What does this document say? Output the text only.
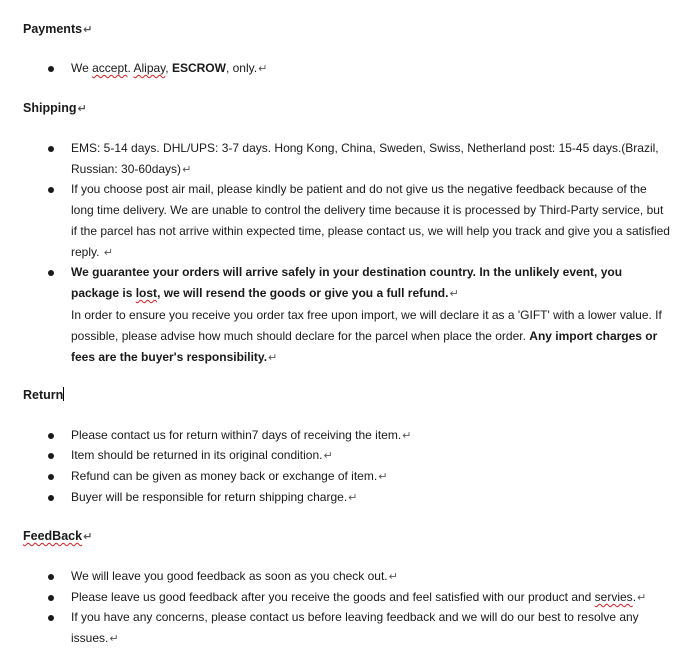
Payments↵
We accept. Alipay, ESCROW, only.↵
Shipping↵
EMS: 5-14 days. DHL/UPS: 3-7 days. Hong Kong, China, Sweden, Swiss, Netherland post: 15-45 days.(Brazil, Russian: 30-60days)↵
If you choose post air mail, please kindly be patient and do not give us the negative feedback because of the long time delivery. We are unable to control the delivery time because it is processed by Third-Party service, but if the parcel has not arrive within expected time, please contact us, we will help you track and give you a satisfied reply. ↵
We guarantee your orders will arrive safely in your destination country. In the unlikely event, you package is lost, we will resend the goods or give you a full refund.↵
In order to ensure you receive you order tax free upon import, we will declare it as a 'GIFT' with a lower value. If possible, please advise how much should declare for the parcel when place the order. Any import charges or fees are the buyer's responsibility.↵
Return
Please contact us for return within7 days of receiving the item.↵
Item should be returned in its original condition.↵
Refund can be given as money back or exchange of item.↵
Buyer will be responsible for return shipping charge.↵
FeedBack↵
We will leave you good feedback as soon as you check out.↵
Please leave us good feedback after you receive the goods and feel satisfied with our product and servies.↵
If you have any concerns, please contact us before leaving feedback and we will do our best to resolve any issues.↵
